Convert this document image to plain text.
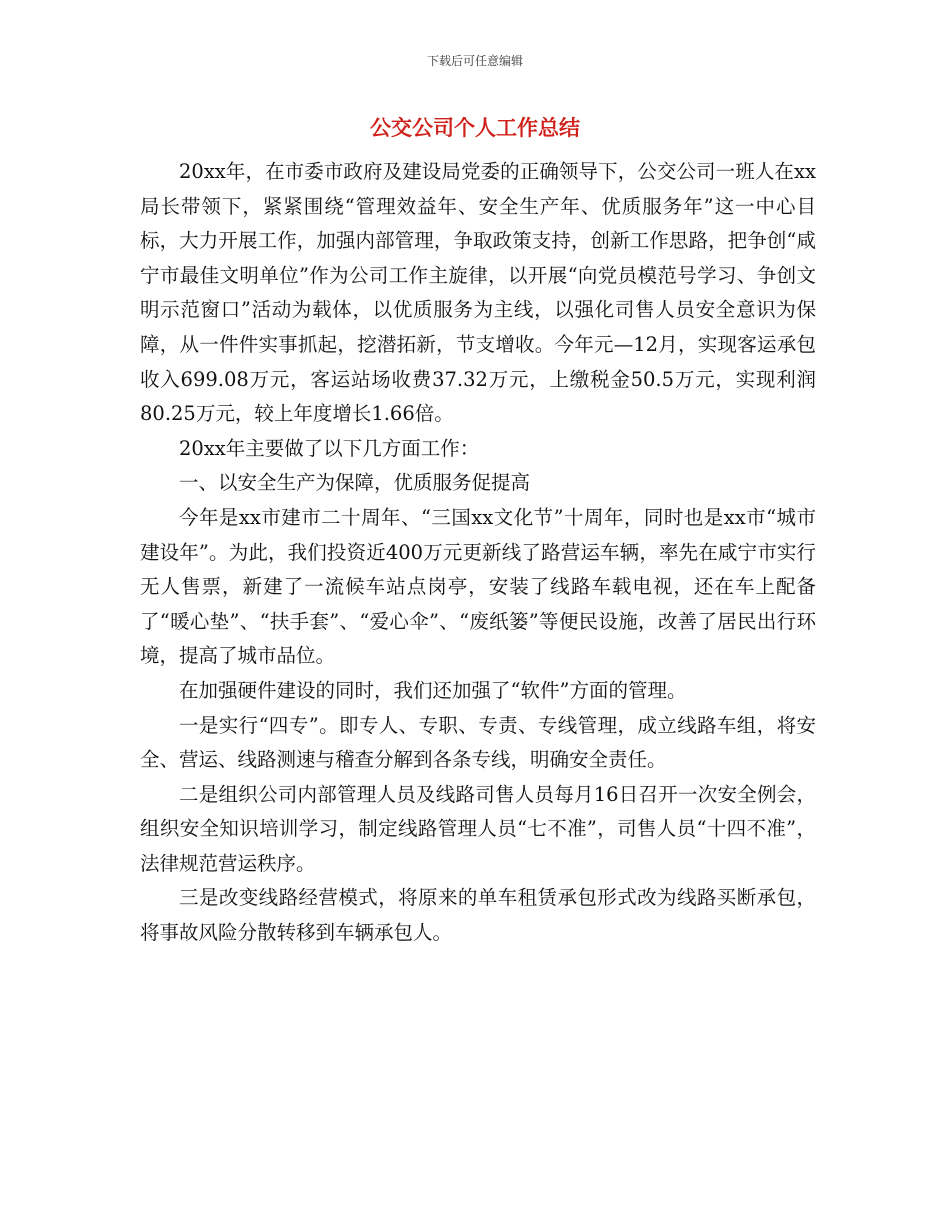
下载后可任意编辑
公交公司个人工作总结

20xx年，在市委市政府及建设局党委的正确领导下，公交公司一班人在xx局长带领下，紧紧围绕“管理效益年、安全生产年、优质服务年”这一中心目标，大力开展工作，加强内部管理，争取政策支持，创新工作思路，把争创“咸宁市最佳文明单位”作为公司工作主旋律，以开展“向党员模范号学习、争创文明示范窗口”活动为载体，以优质服务为主线，以强化司售人员安全意识为保障，从一件件实事抓起，挖潜拓新，节支增收。今年元—12月，实现客运承包收入699.08万元，客运站场收费37.32万元，上缴税金50.5万元，实现利润80.25万元，较上年度增长1.66倍。

20xx年主要做了以下几方面工作：

一、以安全生产为保障，优质服务促提高

今年是xx市建市二十周年、“三国xx文化节”十周年，同时也是xx市“城市建设年”。为此，我们投资近400万元更新线了路营运车辆，率先在咸宁市实行无人售票，新建了一流候车站点岗亭，安装了线路车载电视，还在车上配备了“暖心垫”、“扶手套”、“爱心伞”、“废纸篓”等便民设施，改善了居民出行环境，提高了城市品位。

在加强硬件建设的同时，我们还加强了“软件”方面的管理。

一是实行“四专”。即专人、专职、专责、专线管理，成立线路车组，将安全、营运、线路测速与稽查分解到各条专线，明确安全责任。

二是组织公司内部管理人员及线路司售人员每月16日召开一次安全例会，组织安全知识培训学习，制定线路管理人员“七不准”，司售人员“十四不准”，法律规范营运秩序。

三是改变线路经营模式，将原来的单车租赁承包形式改为线路买断承包，将事故风险分散转移到车辆承包人。
